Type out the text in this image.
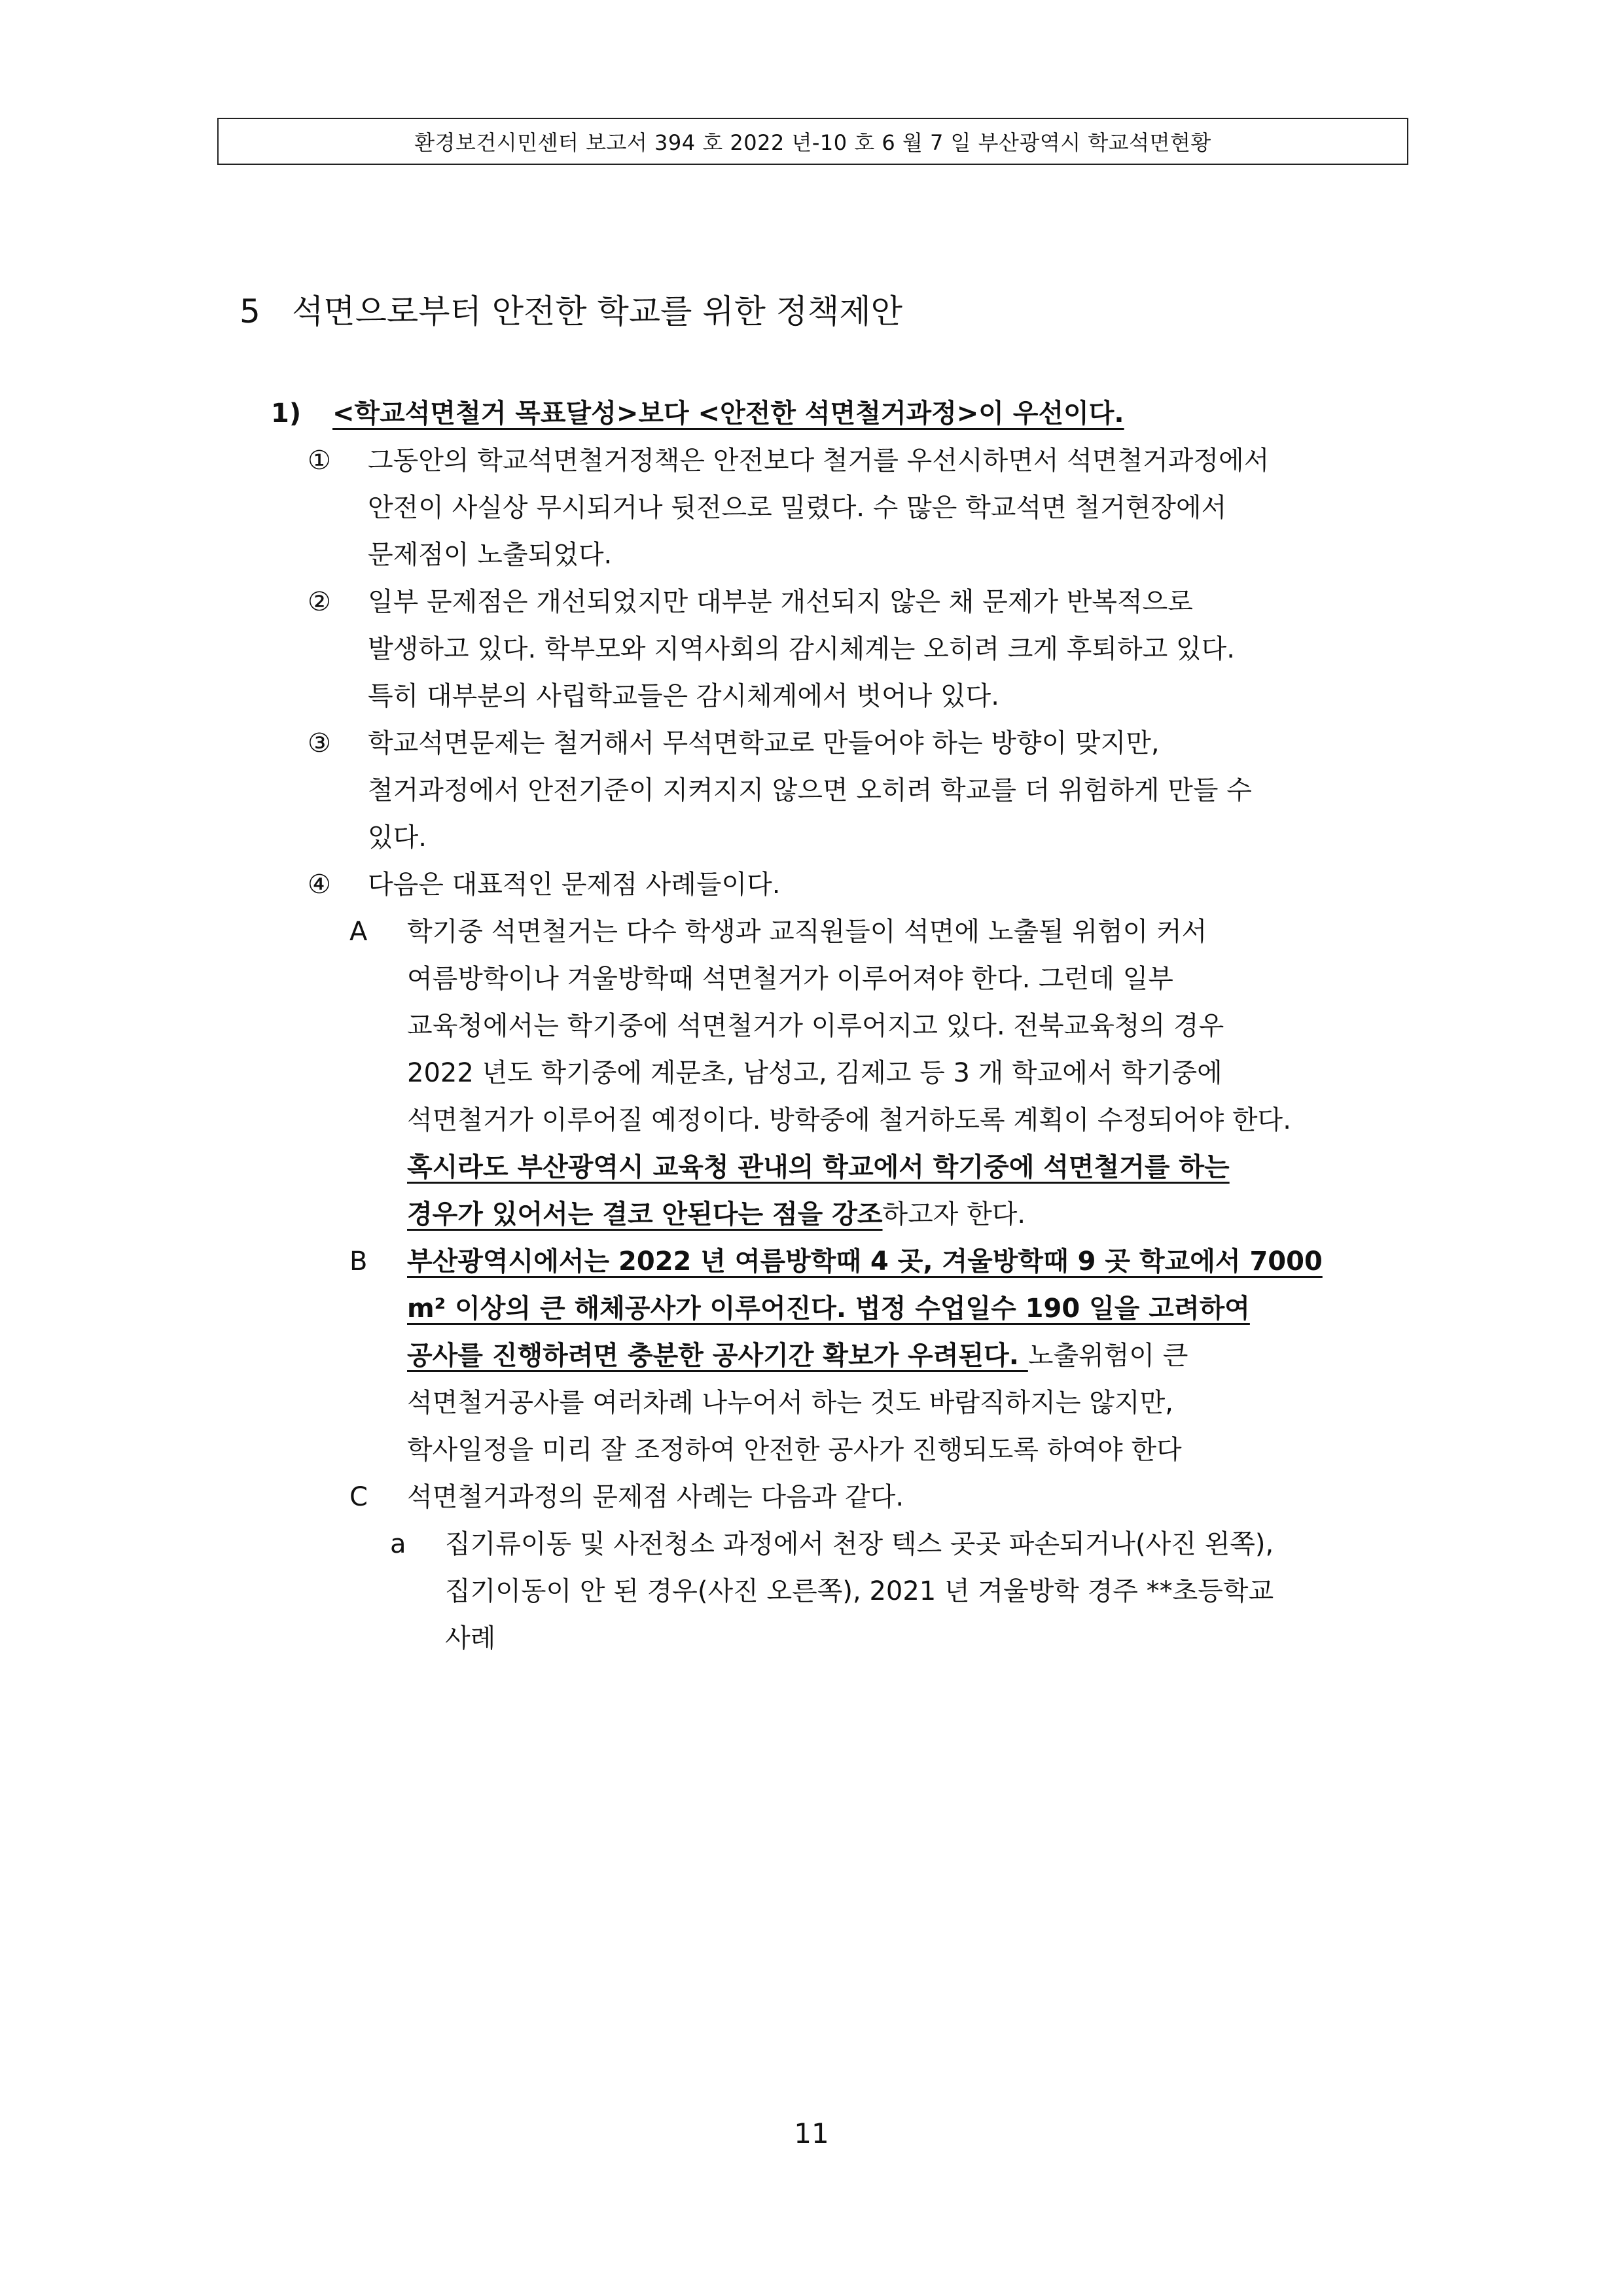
환경보건시민센터 보고서 394 호 2022 년-10 호 6 월 7 일 부산광역시 학교석면현황
5 석면으로부터 안전한 학교를 위한 정책제안
1) <학교석면철거 목표달성>보다 <안전한 석면철거과정>이 우선이다.
① 그동안의 학교석면철거정책은 안전보다 철거를 우선시하면서 석면철거과정에서
안전이 사실상 무시되거나 뒷전으로 밀렸다. 수 많은 학교석면 철거현장에서
문제점이 노출되었다.
② 일부 문제점은 개선되었지만 대부분 개선되지 않은 채 문제가 반복적으로
발생하고 있다. 학부모와 지역사회의 감시체계는 오히려 크게 후퇴하고 있다.
특히 대부분의 사립학교들은 감시체계에서 벗어나 있다.
③ 학교석면문제는 철거해서 무석면학교로 만들어야 하는 방향이 맞지만,
철거과정에서 안전기준이 지켜지지 않으면 오히려 학교를 더 위험하게 만들 수
있다.
④ 다음은 대표적인 문제점 사례들이다.
A 학기중 석면철거는 다수 학생과 교직원들이 석면에 노출될 위험이 커서
여름방학이나 겨울방학때 석면철거가 이루어져야 한다. 그런데 일부
교육청에서는 학기중에 석면철거가 이루어지고 있다. 전북교육청의 경우
2022 년도 학기중에 계문초, 남성고, 김제고 등 3 개 학교에서 학기중에
석면철거가 이루어질 예정이다. 방학중에 철거하도록 계획이 수정되어야 한다.
혹시라도 부산광역시 교육청 관내의 학교에서 학기중에 석면철거를 하는
경우가 있어서는 결코 안된다는 점을 강조하고자 한다.
B 부산광역시에서는 2022 년 여름방학때 4 곳, 겨울방학때 9 곳 학교에서 7000
m² 이상의 큰 해체공사가 이루어진다. 법정 수업일수 190 일을 고려하여
공사를 진행하려면 충분한 공사기간 확보가 우려된다. 노출위험이 큰
석면철거공사를 여러차례 나누어서 하는 것도 바람직하지는 않지만,
학사일정을 미리 잘 조정하여 안전한 공사가 진행되도록 하여야 한다
C 석면철거과정의 문제점 사례는 다음과 같다.
a 집기류이동 및 사전청소 과정에서 천장 텍스 곳곳 파손되거나(사진 왼쪽),
집기이동이 안 된 경우(사진 오른쪽), 2021 년 겨울방학 경주 **초등학교
사례
11
